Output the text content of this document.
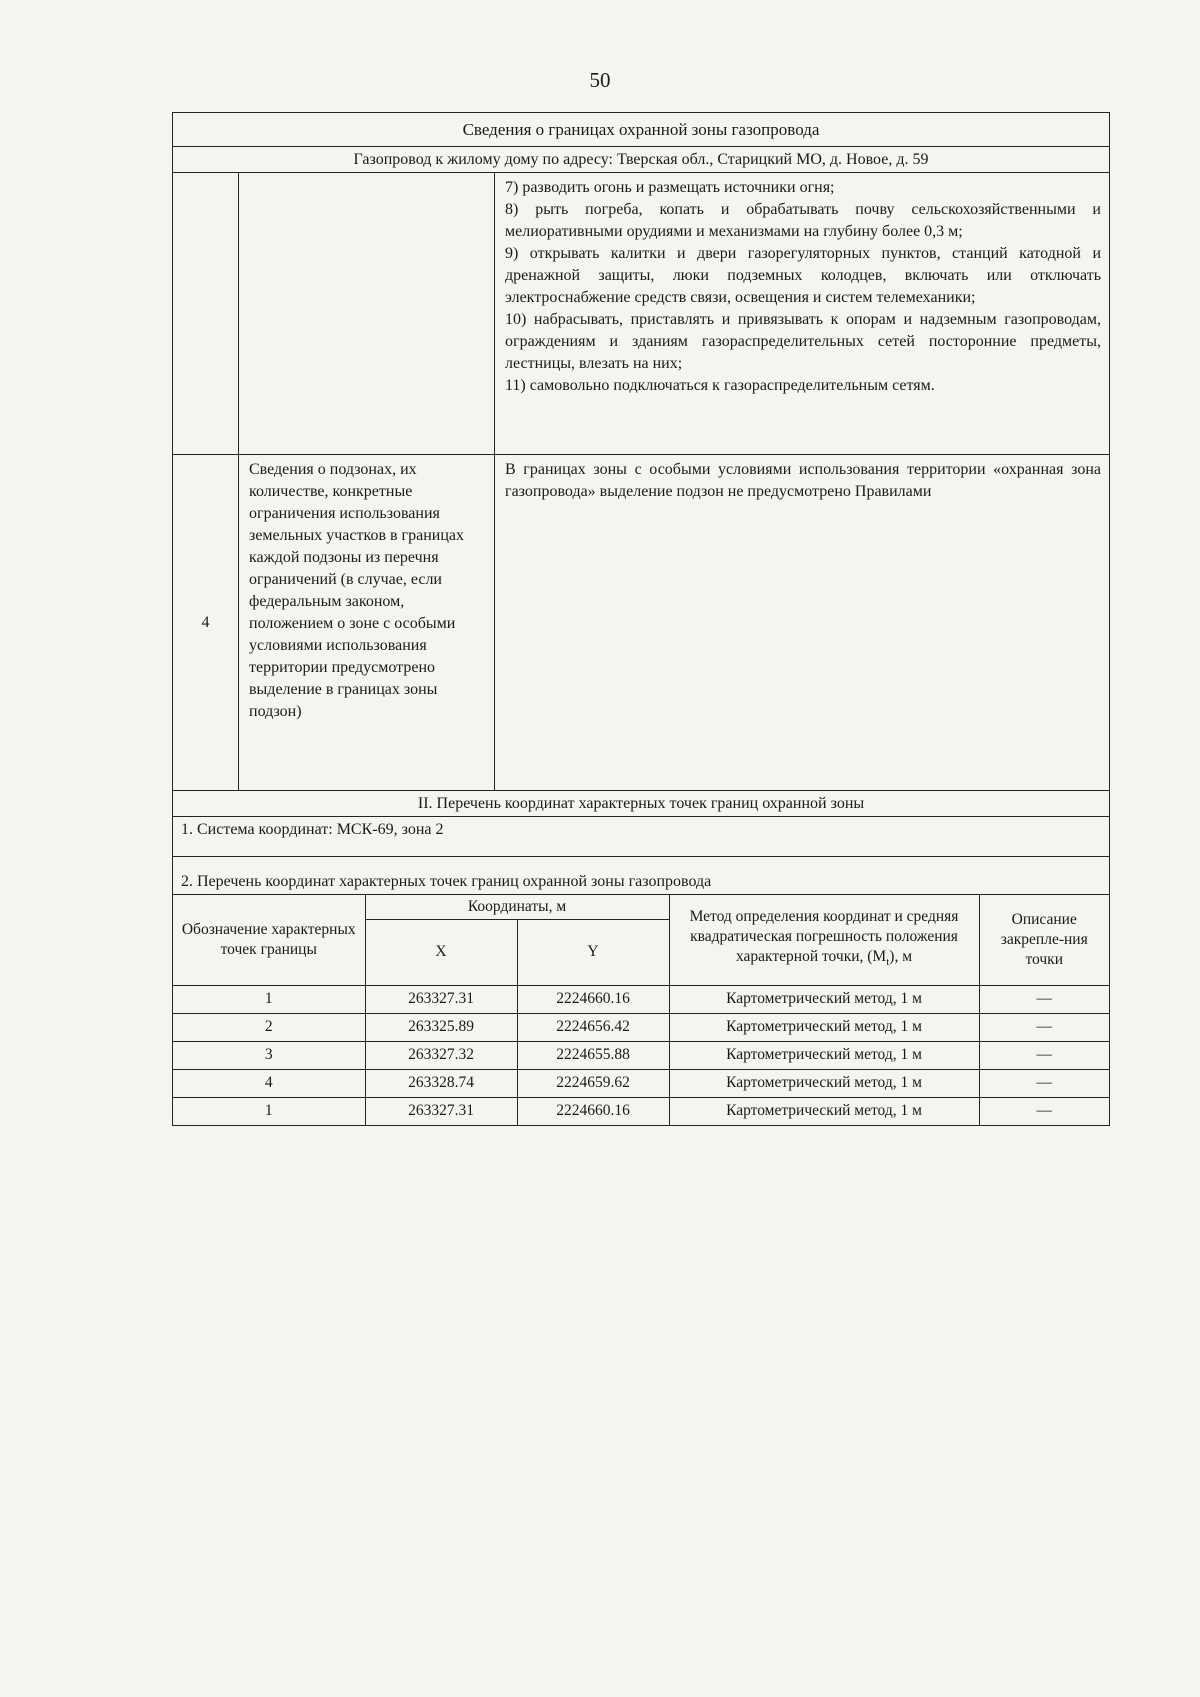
50
Сведения о границах охранной зоны газопровода
Газопровод к жилому дому по адресу: Тверская обл., Старицкий МО, д. Новое, д. 59

7) разводить огонь и размещать источники огня;

8) рыть погреба, копать и обрабатывать почву сельскохозяйственными и мелиоративными орудиями и механизмами на глубину более 0,3 м;

9) открывать калитки и двери газорегуляторных пунктов, станций катодной и дренажной защиты, люки подземных колодцев, включать или отключать электроснабжение средств связи, освещения и систем телемеханики;

10) набрасывать, приставлять и привязывать к опорам и надземным газопроводам, ограждениям и зданиям газораспределительных сетей посторонние предметы, лестницы, влезать на них;

11) самовольно подключаться к газораспределительным сетям.

4
Сведения о подзонах, их количестве, конкретные ограничения использования земельных участков в границах каждой подзоны из перечня ограничений (в случае, если федеральным законом, положением о зоне с особыми условиями использования территории предусмотрено выделение в границах зоны подзон)
В границах зоны с особыми условиями использования территории «охранная зона газопровода» выделение подзон не предусмотрено Правилами
II. Перечень координат характерных точек границ охранной зоны
1. Система координат: МСК-69, зона 2
2. Перечень координат характерных точек границ охранной зоны газопровода
Обозначение характерных точек границы	Координаты, м		Метод определения координат и средняя квадратическая погрешность положения характерной точки, $(M_t)$, м	Описание закрепле-ния точки
	X	Y		
1	263327.31	2224660.16	Картометрический метод, 1 м	—
2	263325.89	2224656.42	Картометрический метод, 1 м	—
3	263327.32	2224655.88	Картометрический метод, 1 м	—
4	263328.74	2224659.62	Картометрический метод, 1 м	—
1	263327.31	2224660.16	Картометрический метод, 1 м	—
